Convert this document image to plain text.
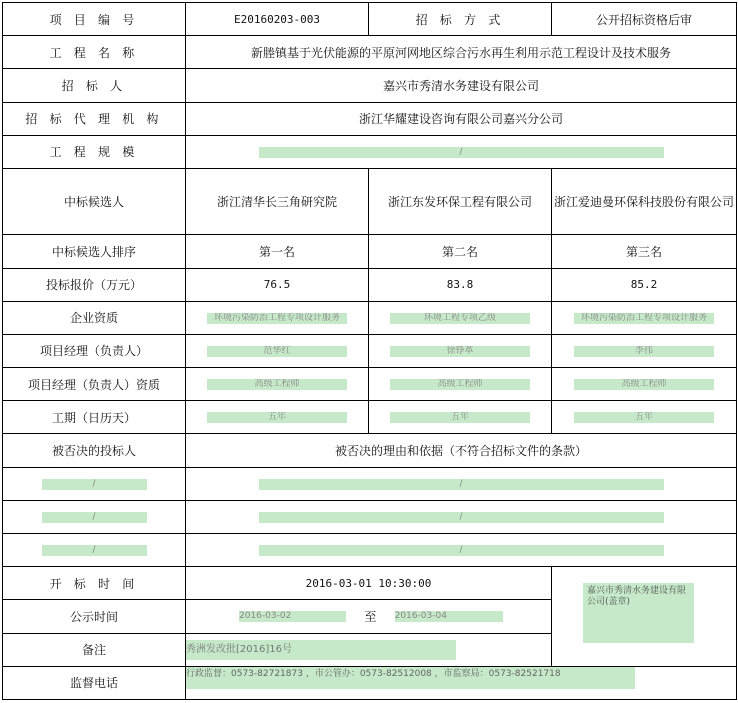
项 目 编 号	E20160203-003	招 标 方 式	公开招标资格后审
工 程 名 称	新塍镇基于光伏能源的平原河网地区综合污水再生利用示范工程设计及技术服务		
招 标 人	嘉兴市秀清水务建设有限公司		
招 标 代 理 机 构	浙江华耀建设咨询有限公司嘉兴分公司		
工 程 规 模	/		
中标候选人	浙江清华长三角研究院	浙江东发环保工程有限公司	浙江爱迪曼环保科技股份有限公司
中标候选人排序	第一名	第二名	第三名
投标报价（万元）	76.5	83.8	85.2
企业资质	环境污染防治工程专项设计服务	环境工程专项乙级	环境污染防治工程专项设计服务
项目经理（负责人）	范华红	徐铮革	李伟
项目经理（负责人）资质	高级工程师	高级工程师	高级工程师
工期（日历天）	五年	五年	五年
被否决的投标人	被否决的理由和依据（不符合招标文件的条款）		
/	/		
/	/		
/	/		
开 标 时 间	2016-03-01 10:30:00		
公示时间	2016-03-02 至 2016-03-04		
备注	秀洲发改批[2016]16号		
监督电话	行政监督：0573-82721873 ，市公管办：0573-82512008 ，市监察局：0573-82521718		
嘉兴市秀清水务建设有限公司(盖章)
